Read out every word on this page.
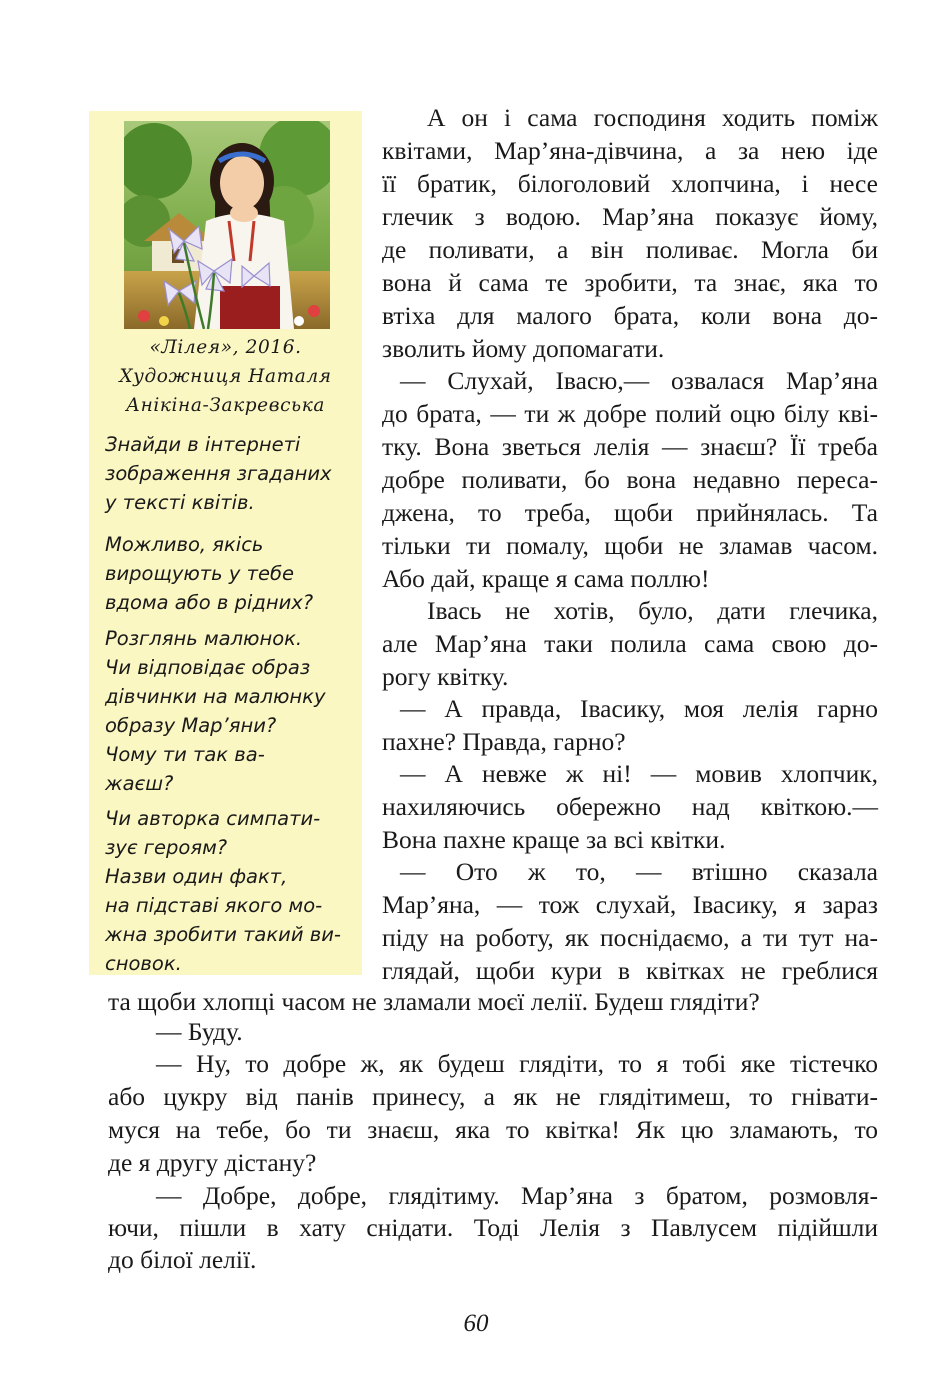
«Лілея», 2016.
Художниця Наталя
Анікіна-Закревська
Знайди в інтернеті
зображення згаданих
у тексті квітів.
Можливо, якісь
вирощують у тебе
вдома або в рідних?
Розглянь малюнок.
Чи відповідає образ
дівчинки на малюнку
образу Мар’яни?
Чому ти так ва-
жаєш?
Чи авторка симпати-
зує героям?
Назви один факт,
на підставі якого мо-
жна зробити такий ви-
сновок.
А он і сама господиня ходить поміж
квітами, Мар’яна-дівчина, а за нею іде
її братик, білоголовий хлопчина, і несе
глечик з водою. Мар’яна показує йому,
де поливати, а він поливає. Могла би
вона й сама те зробити, та знає, яка то
втіха для малого брата, коли вона до-
зволить йому допомагати.
— Слухай, Івасю,— озвалася Мар’яна
до брата, — ти ж добре полий оцю білу кві-
тку. Вона зветься лелія — знаєш? Її треба
добре поливати, бо вона недавно переса-
джена, то треба, щоби прийнялась. Та
тільки ти помалу, щоби не зламав часом.
Або дай, краще я сама поллю!
Івась не хотів, було, дати глечика,
але Мар’яна таки полила сама свою до-
рогу квітку.
— А правда, Івасику, моя лелія гарно
пахне? Правда, гарно?
— А невже ж ні! — мовив хлопчик,
нахиляючись обережно над квіткою.—
Вона пахне краще за всі квітки.
— Ото ж то, — втішно сказала
Мар’яна, — тож слухай, Івасику, я зараз
піду на роботу, як поснідаємо, а ти тут на-
глядай, щоби кури в квітках не греблися
та щоби хлопці часом не зламали моєї лелії. Будеш глядіти?
— Буду.
— Ну, то добре ж, як будеш глядіти, то я тобі яке тістечко
або цукру від панів принесу, а як не глядітимеш, то гнівати-
муся на тебе, бо ти знаєш, яка то квітка! Як цю зламають, то
де я другу дістану?
— Добре, добре, глядітиму. Мар’яна з братом, розмовля-
ючи, пішли в хату снідати. Тоді Лелія з Павлусем підійшли
до білої лелії.
60
